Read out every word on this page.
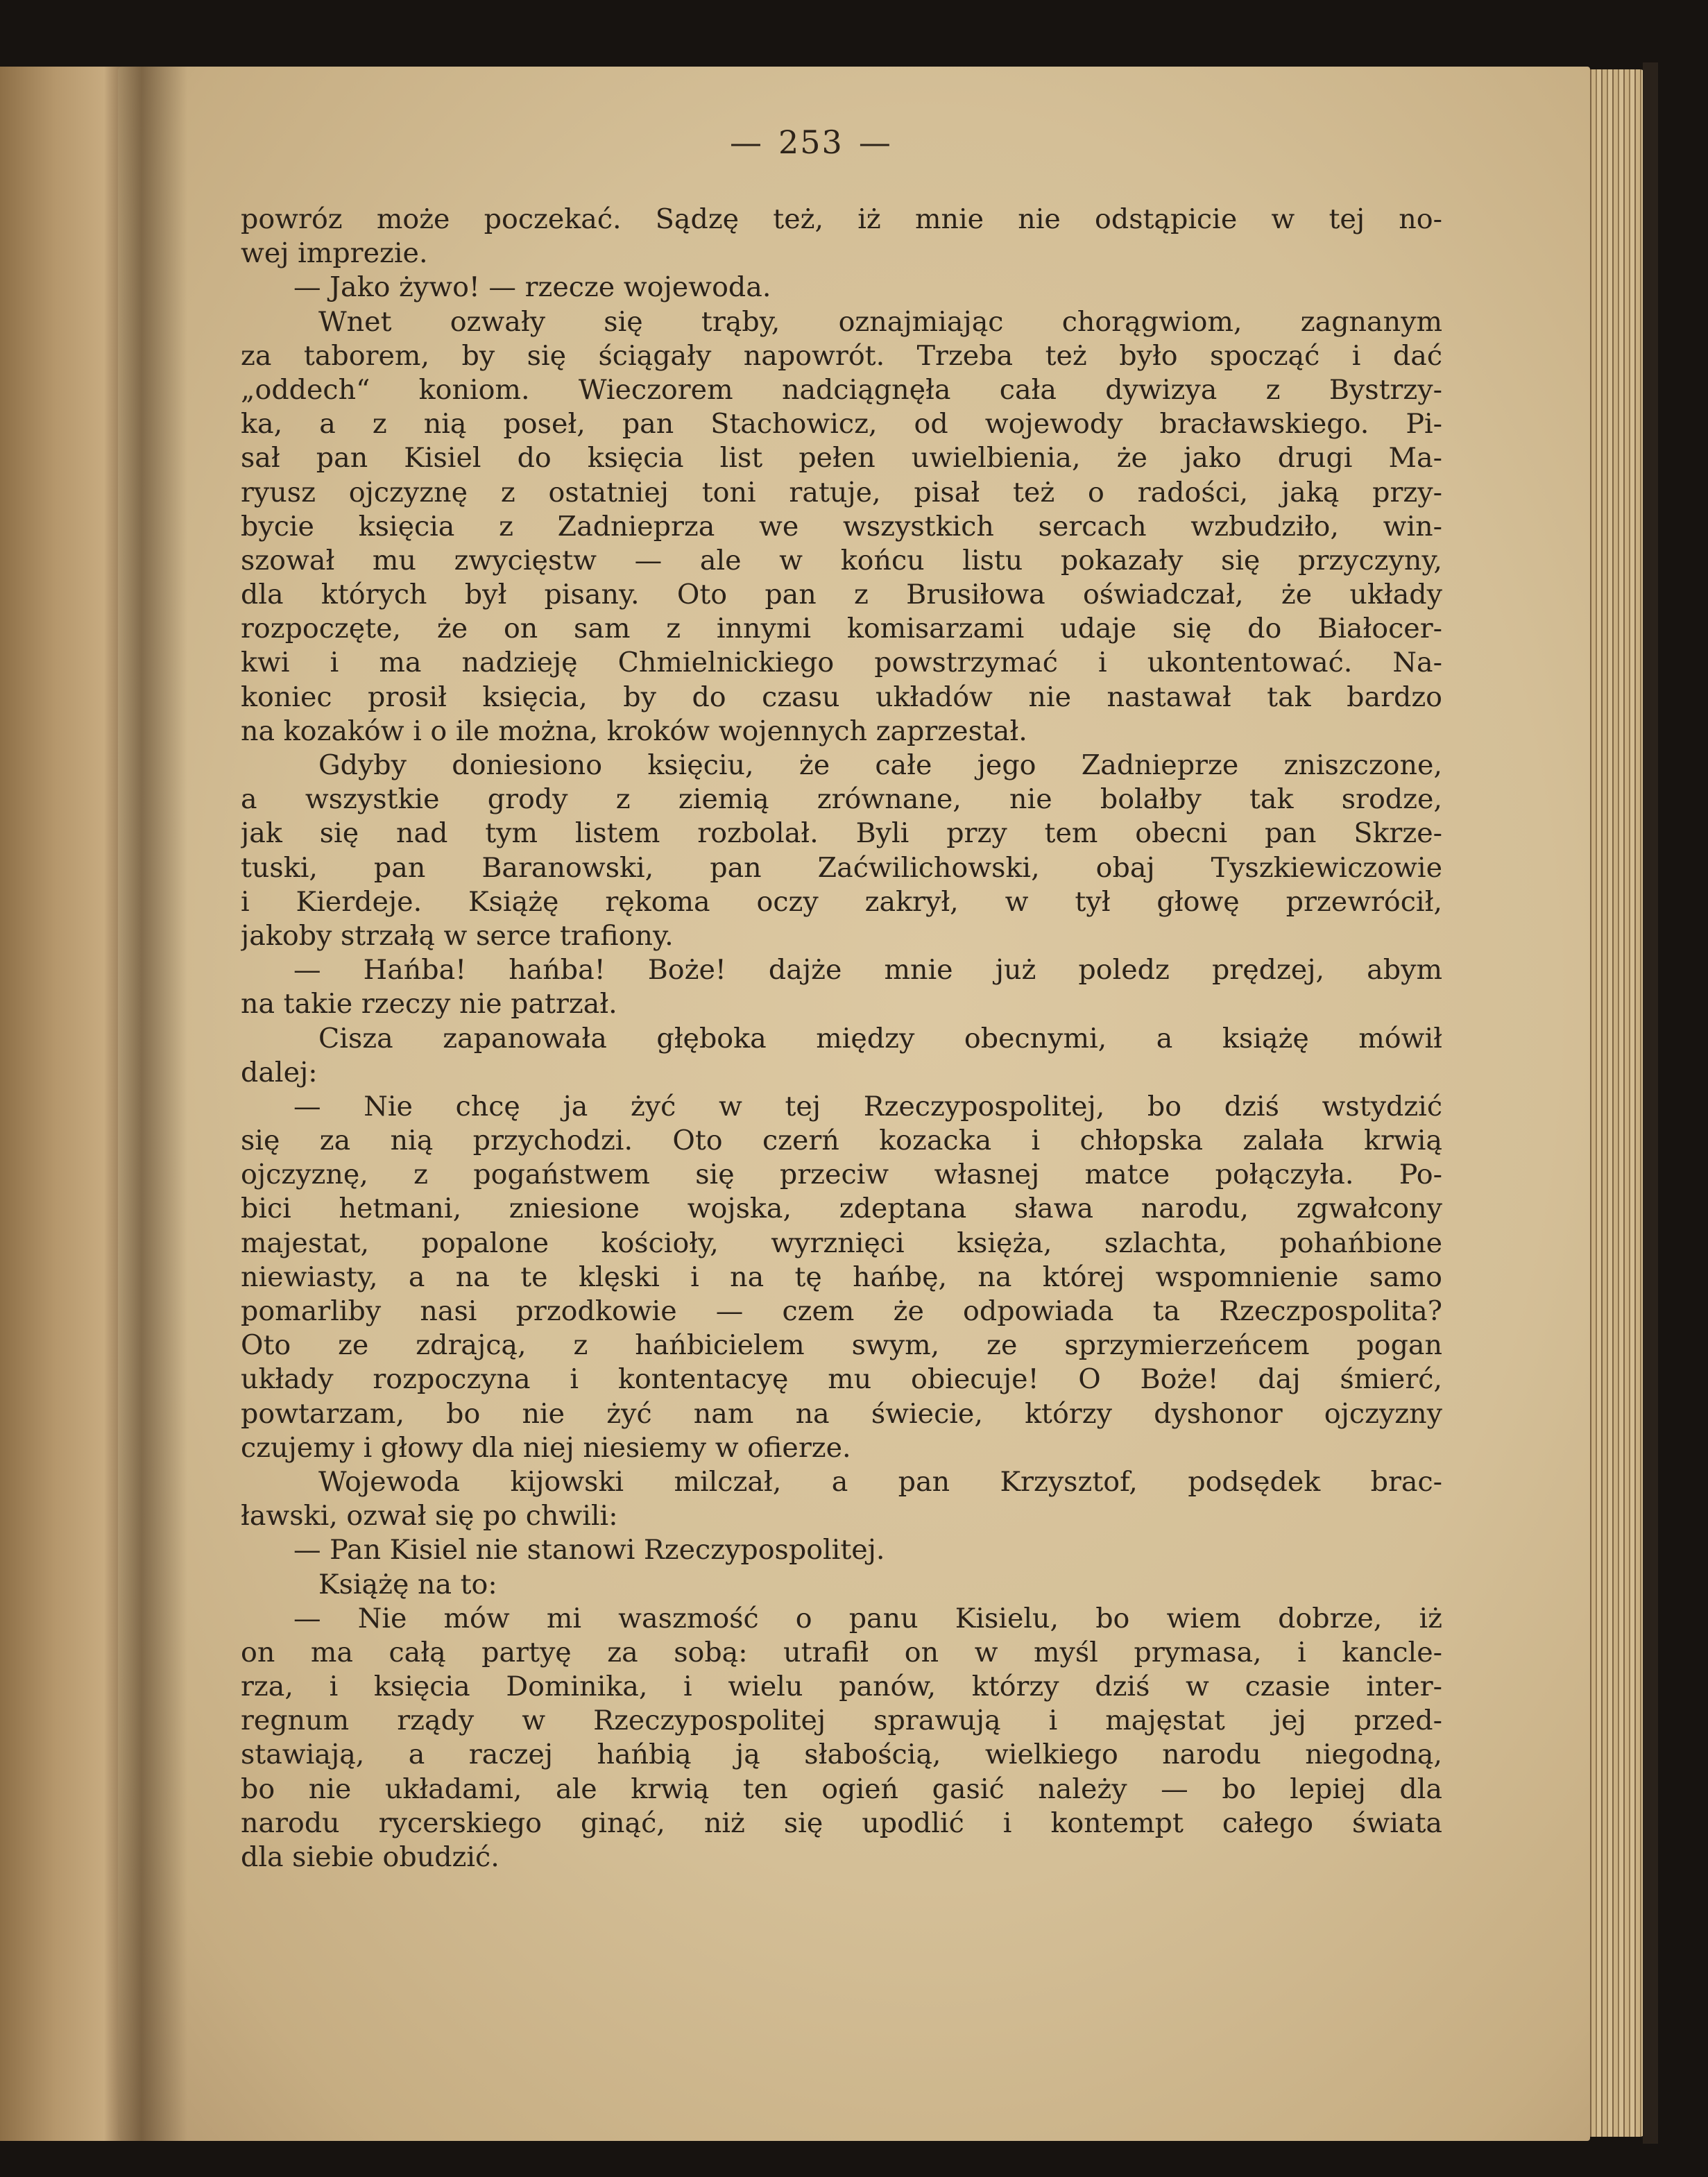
— 253 —
powróz może poczekać. Sądzę też, iż mnie nie odstąpicie w tej no-
wej imprezie.
— Jako żywo! — rzecze wojewoda.
Wnet ozwały się trąby, oznajmiając chorągwiom, zagnanym
za taborem, by się ściągały napowrót. Trzeba też było spocząć i dać
„oddech“ koniom. Wieczorem nadciągnęła cała dywizya z Bystrzy-
ka, a z nią poseł, pan Stachowicz, od wojewody bracławskiego. Pi-
sał pan Kisiel do księcia list pełen uwielbienia, że jako drugi Ma-
ryusz ojczyznę z ostatniej toni ratuje, pisał też o radości, jaką przy-
bycie księcia z Zadnieprza we wszystkich sercach wzbudziło, win-
szował mu zwycięstw — ale w końcu listu pokazały się przyczyny,
dla których był pisany. Oto pan z Brusiłowa oświadczał, że układy
rozpoczęte, że on sam z innymi komisarzami udaje się do Białocer-
kwi i ma nadzieję Chmielnickiego powstrzymać i ukontentować. Na-
koniec prosił księcia, by do czasu układów nie nastawał tak bardzo
na kozaków i o ile można, kroków wojennych zaprzestał.
Gdyby doniesiono księciu, że całe jego Zadnieprze zniszczone,
a wszystkie grody z ziemią zrównane, nie bolałby tak srodze,
jak się nad tym listem rozbolał. Byli przy tem obecni pan Skrze-
tuski, pan Baranowski, pan Zaćwilichowski, obaj Tyszkiewiczowie
i Kierdeje. Książę rękoma oczy zakrył, w tył głowę przewrócił,
jakoby strzałą w serce trafiony.
— Hańba! hańba! Boże! dajże mnie już poledz prędzej, abym
na takie rzeczy nie patrzał.
Cisza zapanowała głęboka między obecnymi, a książę mówił
dalej:
— Nie chcę ja żyć w tej Rzeczypospolitej, bo dziś wstydzić
się za nią przychodzi. Oto czerń kozacka i chłopska zalała krwią
ojczyznę, z pogaństwem się przeciw własnej matce połączyła. Po-
bici hetmani, zniesione wojska, zdeptana sława narodu, zgwałcony
majestat, popalone kościoły, wyrznięci księża, szlachta, pohańbione
niewiasty, a na te klęski i na tę hańbę, na której wspomnienie samo
pomarliby nasi przodkowie — czem że odpowiada ta Rzeczpospolita?
Oto ze zdrajcą, z hańbicielem swym, ze sprzymierzeńcem pogan
układy rozpoczyna i kontentacyę mu obiecuje! O Boże! daj śmierć,
powtarzam, bo nie żyć nam na świecie, którzy dyshonor ojczyzny
czujemy i głowy dla niej niesiemy w ofierze.
Wojewoda kijowski milczał, a pan Krzysztof, podsędek brac-
ławski, ozwał się po chwili:
— Pan Kisiel nie stanowi Rzeczypospolitej.
Książę na to:
— Nie mów mi waszmość o panu Kisielu, bo wiem dobrze, iż
on ma całą partyę za sobą: utrafił on w myśl prymasa, i kancle-
rza, i księcia Dominika, i wielu panów, którzy dziś w czasie inter-
regnum rządy w Rzeczypospolitej sprawują i majęstat jej przed-
stawiają, a raczej hańbią ją słabością, wielkiego narodu niegodną,
bo nie układami, ale krwią ten ogień gasić należy — bo lepiej dla
narodu rycerskiego ginąć, niż się upodlić i kontempt całego świata
dla siebie obudzić.
